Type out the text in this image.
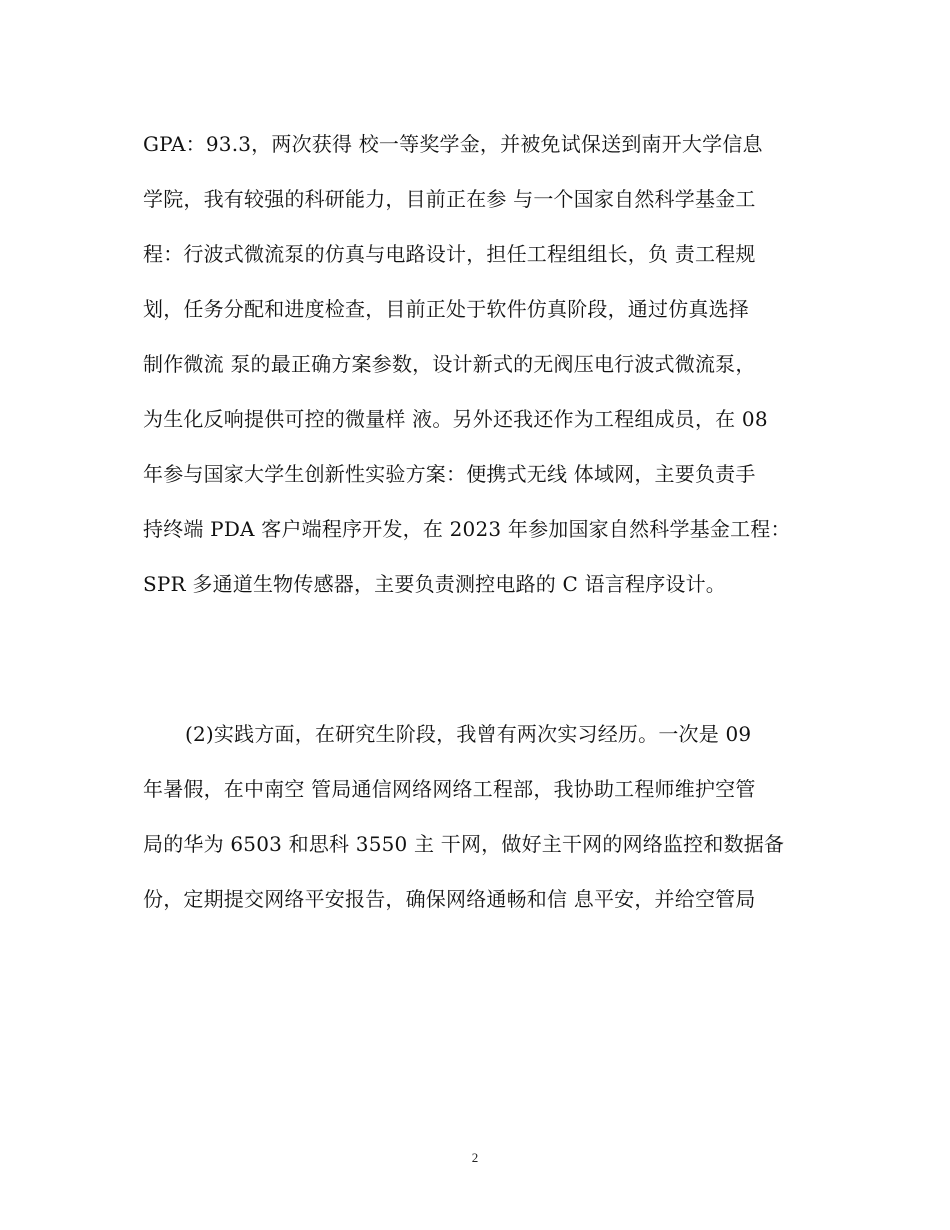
GPA：93.3，两次获得 校一等奖学金，并被免试保送到南开大学信息
学院，我有较强的科研能力，目前正在参 与一个国家自然科学基金工
程：行波式微流泵的仿真与电路设计，担任工程组组长，负 责工程规
划，任务分配和进度检查，目前正处于软件仿真阶段，通过仿真选择
制作微流 泵的最正确方案参数，设计新式的无阀压电行波式微流泵，
为生化反响提供可控的微量样 液。另外还我还作为工程组成员，在 08
年参与国家大学生创新性实验方案：便携式无线 体域网，主要负责手
持终端 PDA 客户端程序开发，在 2023 年参加国家自然科学基金工程：
SPR 多通道生物传感器，主要负责测控电路的 C 语言程序设计。
(2)实践方面，在研究生阶段，我曾有两次实习经历。一次是 09
年暑假，在中南空 管局通信网络网络工程部，我协助工程师维护空管
局的华为 6503 和思科 3550 主 干网，做好主干网的网络监控和数据备
份，定期提交网络平安报告，确保网络通畅和信 息平安，并给空管局
2
